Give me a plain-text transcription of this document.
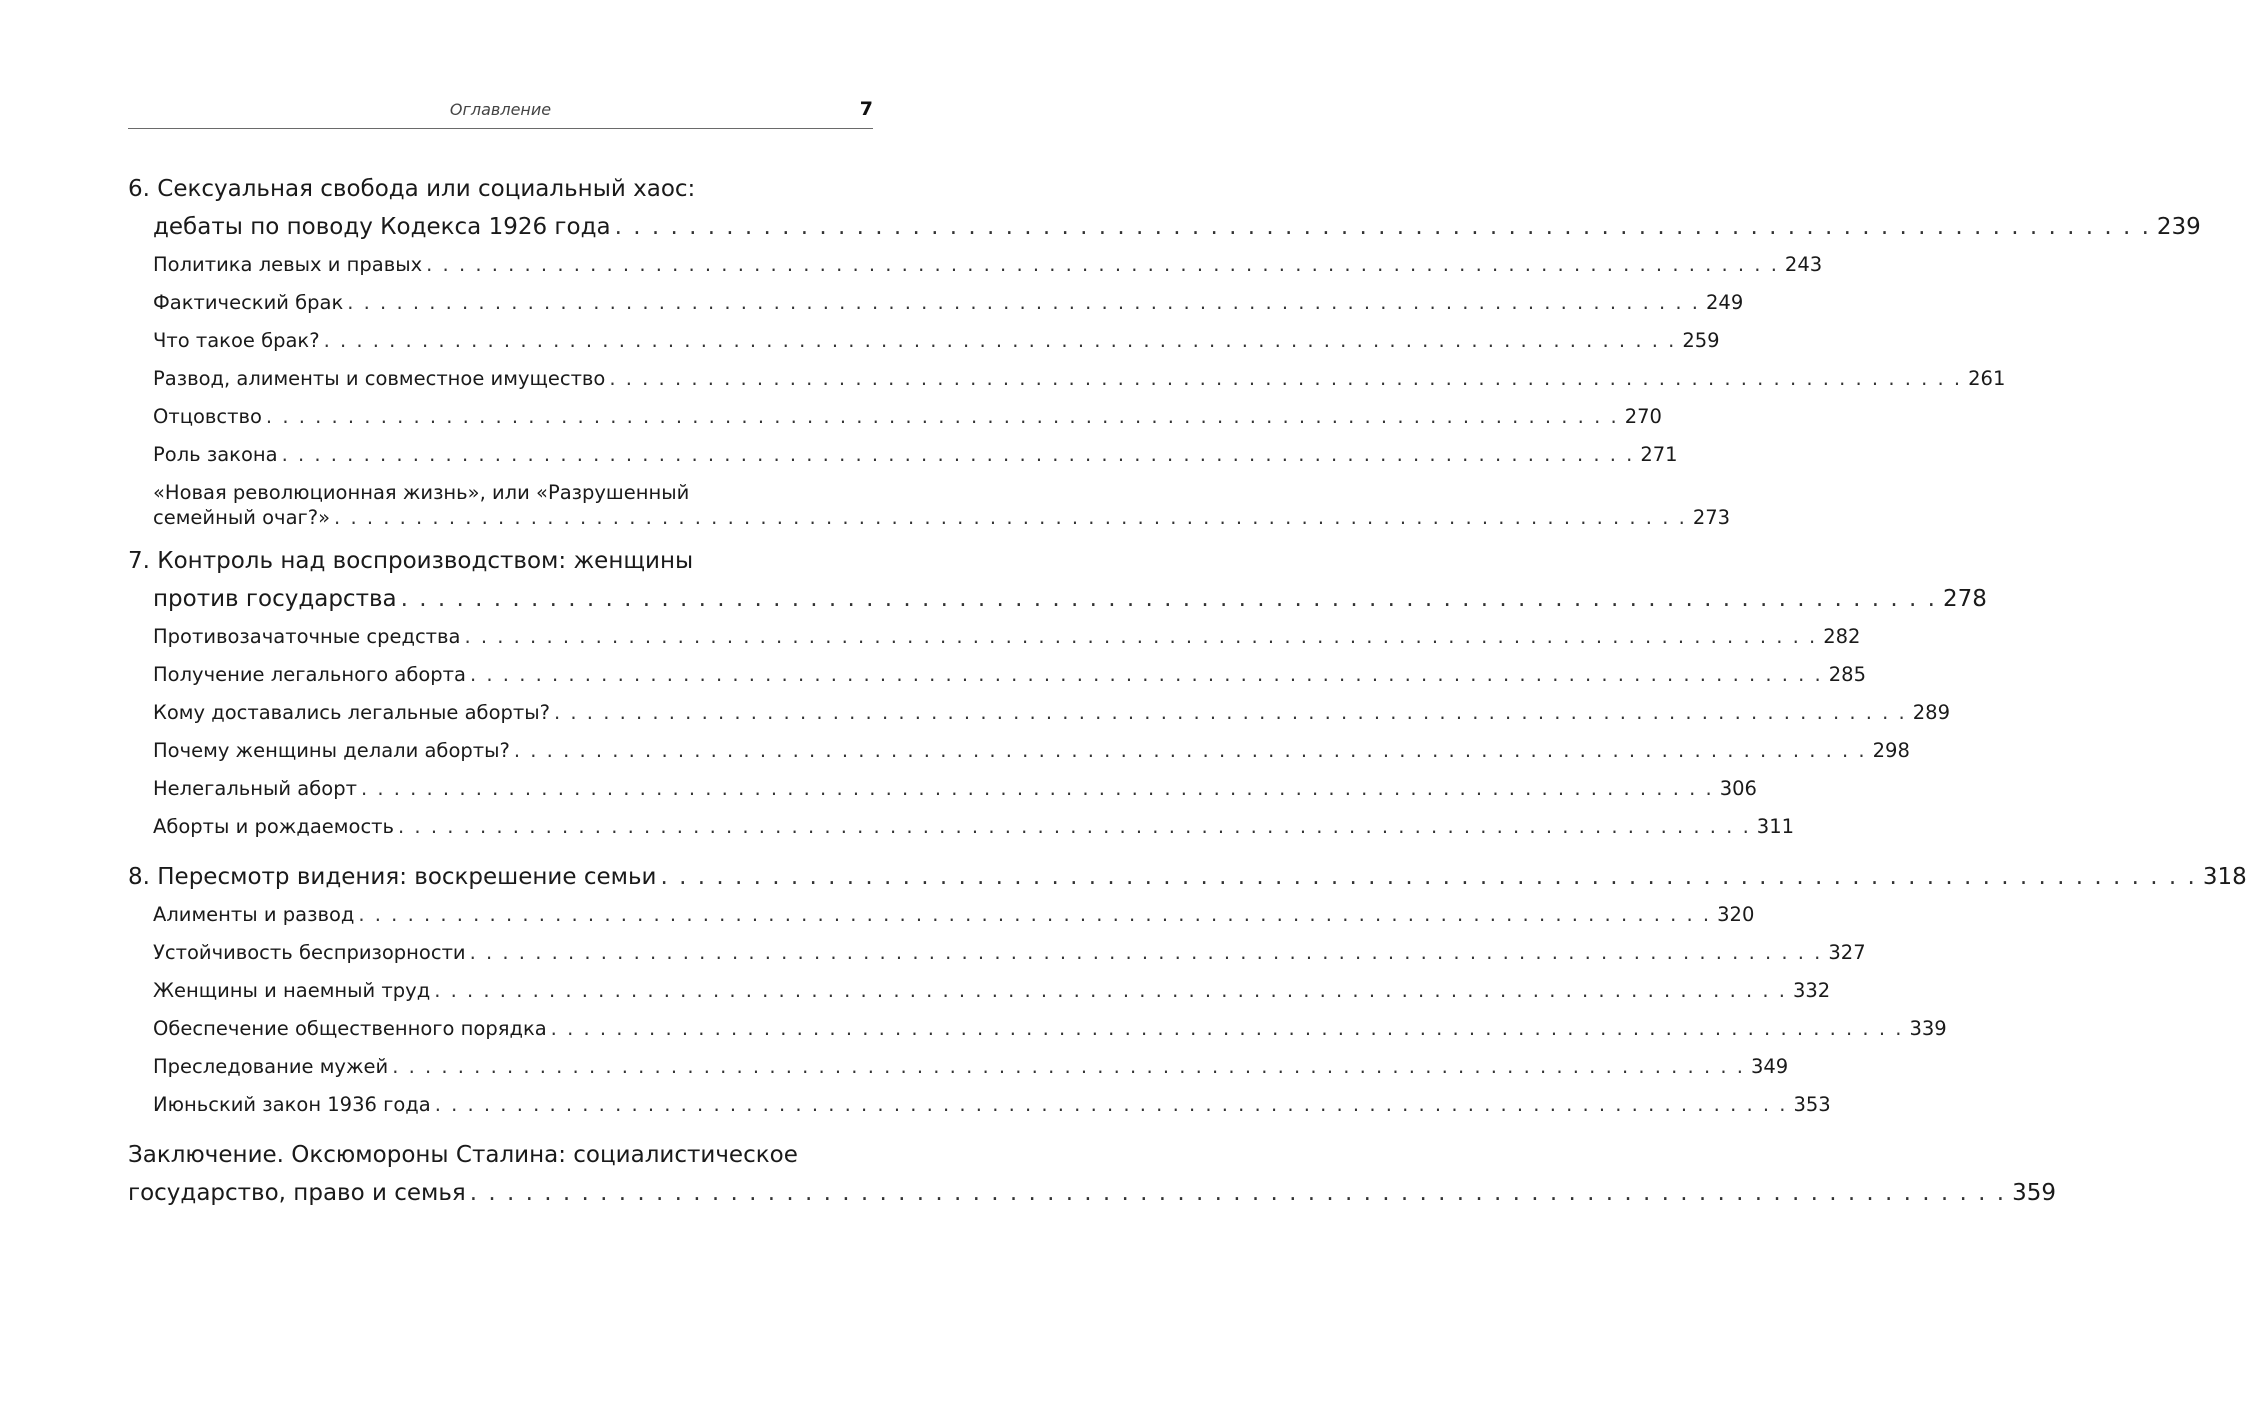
Оглавление	7
6. Сексуальная свобода или социальный хаос:
дебаты по поводу Кодекса 1926 года . . . . . . . . . . . . . . . . . . . . . . . . . . . . . . . . . . . . . . . . . . . . . . . . . . . . . . . . . . . . . . . . . . . . . . . . . . . . . . . . . . . 239
Политика левых и правых . . . . . . . . . . . . . . . . . . . . . . . . . . . . . . . . . . . . . . . . . . . . . . . . . . . . . . . . . . . . . . . . . . . . . . . . . . . . . . . . . . . 243
Фактический брак . . . . . . . . . . . . . . . . . . . . . . . . . . . . . . . . . . . . . . . . . . . . . . . . . . . . . . . . . . . . . . . . . . . . . . . . . . . . . . . . . . . 249
Что такое брак? . . . . . . . . . . . . . . . . . . . . . . . . . . . . . . . . . . . . . . . . . . . . . . . . . . . . . . . . . . . . . . . . . . . . . . . . . . . . . . . . . . . 259
Развод, алименты и совместное имущество . . . . . . . . . . . . . . . . . . . . . . . . . . . . . . . . . . . . . . . . . . . . . . . . . . . . . . . . . . . . . . . . . . . . . . . . . . . . . . . . . . . 261
Отцовство . . . . . . . . . . . . . . . . . . . . . . . . . . . . . . . . . . . . . . . . . . . . . . . . . . . . . . . . . . . . . . . . . . . . . . . . . . . . . . . . . . . 270
Роль закона . . . . . . . . . . . . . . . . . . . . . . . . . . . . . . . . . . . . . . . . . . . . . . . . . . . . . . . . . . . . . . . . . . . . . . . . . . . . . . . . . . . 271
«Новая революционная жизнь», или «Разрушенный
семейный очаг?» . . . . . . . . . . . . . . . . . . . . . . . . . . . . . . . . . . . . . . . . . . . . . . . . . . . . . . . . . . . . . . . . . . . . . . . . . . . . . . . . . . . 273
7. Контроль над воспроизводством: женщины
против государства . . . . . . . . . . . . . . . . . . . . . . . . . . . . . . . . . . . . . . . . . . . . . . . . . . . . . . . . . . . . . . . . . . . . . . . . . . . . . . . . . . . 278
Противозачаточные средства . . . . . . . . . . . . . . . . . . . . . . . . . . . . . . . . . . . . . . . . . . . . . . . . . . . . . . . . . . . . . . . . . . . . . . . . . . . . . . . . . . . 282
Получение легального аборта . . . . . . . . . . . . . . . . . . . . . . . . . . . . . . . . . . . . . . . . . . . . . . . . . . . . . . . . . . . . . . . . . . . . . . . . . . . . . . . . . . . 285
Кому доставались легальные аборты? . . . . . . . . . . . . . . . . . . . . . . . . . . . . . . . . . . . . . . . . . . . . . . . . . . . . . . . . . . . . . . . . . . . . . . . . . . . . . . . . . . . 289
Почему женщины делали аборты? . . . . . . . . . . . . . . . . . . . . . . . . . . . . . . . . . . . . . . . . . . . . . . . . . . . . . . . . . . . . . . . . . . . . . . . . . . . . . . . . . . . 298
Нелегальный аборт . . . . . . . . . . . . . . . . . . . . . . . . . . . . . . . . . . . . . . . . . . . . . . . . . . . . . . . . . . . . . . . . . . . . . . . . . . . . . . . . . . . 306
Аборты и рождаемость . . . . . . . . . . . . . . . . . . . . . . . . . . . . . . . . . . . . . . . . . . . . . . . . . . . . . . . . . . . . . . . . . . . . . . . . . . . . . . . . . . . 311
8. Пересмотр видения: воскрешение семьи . . . . . . . . . . . . . . . . . . . . . . . . . . . . . . . . . . . . . . . . . . . . . . . . . . . . . . . . . . . . . . . . . . . . . . . . . . . . . . . . . . . 318
Алименты и развод . . . . . . . . . . . . . . . . . . . . . . . . . . . . . . . . . . . . . . . . . . . . . . . . . . . . . . . . . . . . . . . . . . . . . . . . . . . . . . . . . . . 320
Устойчивость беспризорности . . . . . . . . . . . . . . . . . . . . . . . . . . . . . . . . . . . . . . . . . . . . . . . . . . . . . . . . . . . . . . . . . . . . . . . . . . . . . . . . . . . 327
Женщины и наемный труд . . . . . . . . . . . . . . . . . . . . . . . . . . . . . . . . . . . . . . . . . . . . . . . . . . . . . . . . . . . . . . . . . . . . . . . . . . . . . . . . . . . 332
Обеспечение общественного порядка . . . . . . . . . . . . . . . . . . . . . . . . . . . . . . . . . . . . . . . . . . . . . . . . . . . . . . . . . . . . . . . . . . . . . . . . . . . . . . . . . . . 339
Преследование мужей . . . . . . . . . . . . . . . . . . . . . . . . . . . . . . . . . . . . . . . . . . . . . . . . . . . . . . . . . . . . . . . . . . . . . . . . . . . . . . . . . . . 349
Июньский закон 1936 года . . . . . . . . . . . . . . . . . . . . . . . . . . . . . . . . . . . . . . . . . . . . . . . . . . . . . . . . . . . . . . . . . . . . . . . . . . . . . . . . . . . 353
Заключение. Оксюмороны Сталина: социалистическое
государство, право и семья . . . . . . . . . . . . . . . . . . . . . . . . . . . . . . . . . . . . . . . . . . . . . . . . . . . . . . . . . . . . . . . . . . . . . . . . . . . . . . . . . . . 359
